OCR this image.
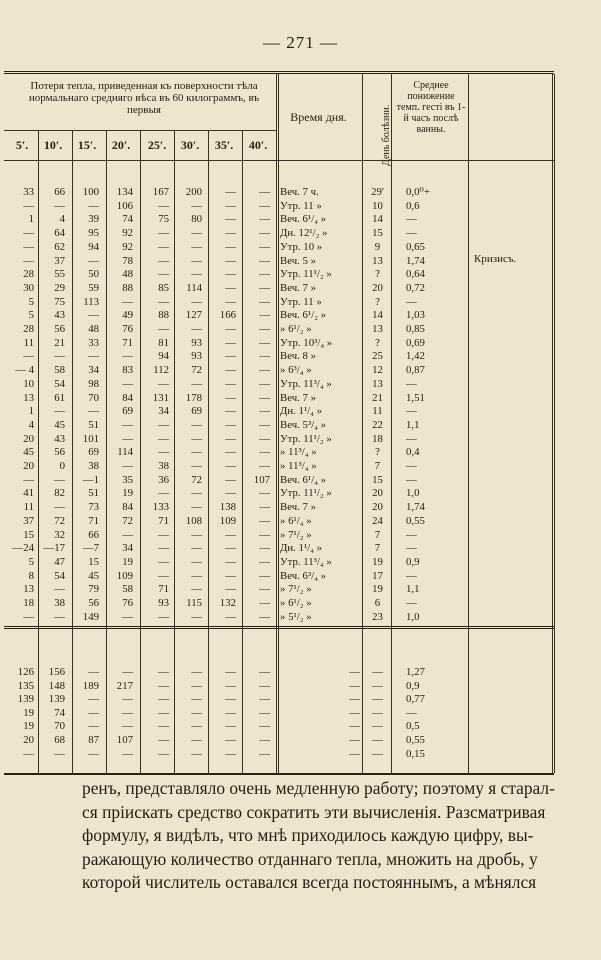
— 271 —
Потеря тепла, приведенная къ поверхности тѣла нормальнаго средняго вѣса въ 60 килограммъ, въ первыя	Время дня.	День болѣзни.
Среднее понижение темп. гесті въ 1-й часъ послѣ ванны.
Кризисъ.
5′.	10′.	15′.	20′.	25′.	30′.	35′.	40′.
33	66	100	134	167	200	—	— Веч. 7 ч.	29'	0,0⁰+
—	—	—	106	—	—	—	— Утр. 11 »	10	0,6
1	4	39	74	75	80	—	— Веч. 6¹/₄ »	14	—
—	64	95	92	—	—	—	— Дн. 12¹/₂ »	15	—
—	62	94	92	—	—	—	— Утр. 10 »	9	0,65
—	37	—	78	—	—	—	— Веч. 5 »	13	1,74
28	55	50	48	—	—	—	— Утр. 11¹/₂ »	?	0,64
30	29	59	88	85	114	—	— Веч. 7 »	20	0,72
5	75	113	—	—	—	—	— Утр. 11 »	?	—
5	43	—	49	88	127	166	— Веч. 6¹/₂ »	14	1,03
28	56	48	76	—	—	—	— » 6¹/₂ »	13	0,85
11	21	33	71	81	93	—	— Утр. 10³/₄ »	?	0,69
—	—	—	—	94	93	—	— Веч. 8 »	25	1,42
— 4	58	34	83	112	72	—	— » 6³/₄ »	12	0,87
10	54	98	—	—	—	—	— Утр. 11³/₄ »	13	—
13	61	70	84	131	178	—	— Веч. 7 »	21	1,51
1	—	—	69	34	69	—	— Дн. 1¹/₄ »	11	—
4	45	51	—	—	—	—	— Веч. 5³/₄ »	22	1,1
20	43	101	—	—	—	—	— Утр. 11¹/₂ »	18	—
45	56	69	114	—	—	—	— » 11³/₄ »	?	0,4
20	0	38	—	38	—	—	— » 11³/₄ »	7	—
—	—	—1	35	36	72	—	107 Веч. 6¹/₄ »	15	—
41	82	51	19	—	—	—	— Утр. 11¹/₂ »	20	1,0
11	—	73	84	133	—	138	— Веч. 7 »	20	1,74
37	72	71	72	71	108	109	— » 6¹/₄ »	24	0,55
15	32	66	—	—	—	—	— » 7¹/₂ »	7	—
—24 —17	—7	34	—	—	—	— Дн. 1¹/₄ »	7	—
5	47	15	19	—	—	—	— Утр. 11³/₄ »	19	0,9
8	54	45	109	—	—	—	— Веч. 6³/₄ »	17	—
13	—	79	58	71	—	—	— » 7¹/₂ »	19	1,1
18	38	56	76	93	115	132	— » 6¹/₂ »	6	—
—	—	149	—	—	—	—	— » 5¹/₂ »	23	1,0
126	156	—	—	—	—	—	—	—	—	1,27
135	148	189	217	—	—	—	—	—	—	0,9
139	139	—	—	—	—	—	—	—	—	0,77
19	74	—	—	—	—	—	—	—	—	—
19	70	—	—	—	—	—	—	—	—	0,5
20	68	87	107	—	—	—	—	—	—	0,55
—	—	—	—	—	—	—	—	—	—	0,15
ренъ, представляло очень медленную работу; поэтому я старал-
ся пріискать средство сократить эти вычисленія. Разсматривая
формулу, я видѣлъ, что мнѣ приходилось каждую цифру, вы-
ражающую количество отданнаго тепла, множить на дробь, у
которой числитель оставался всегда постояннымъ, а мѣнялся
